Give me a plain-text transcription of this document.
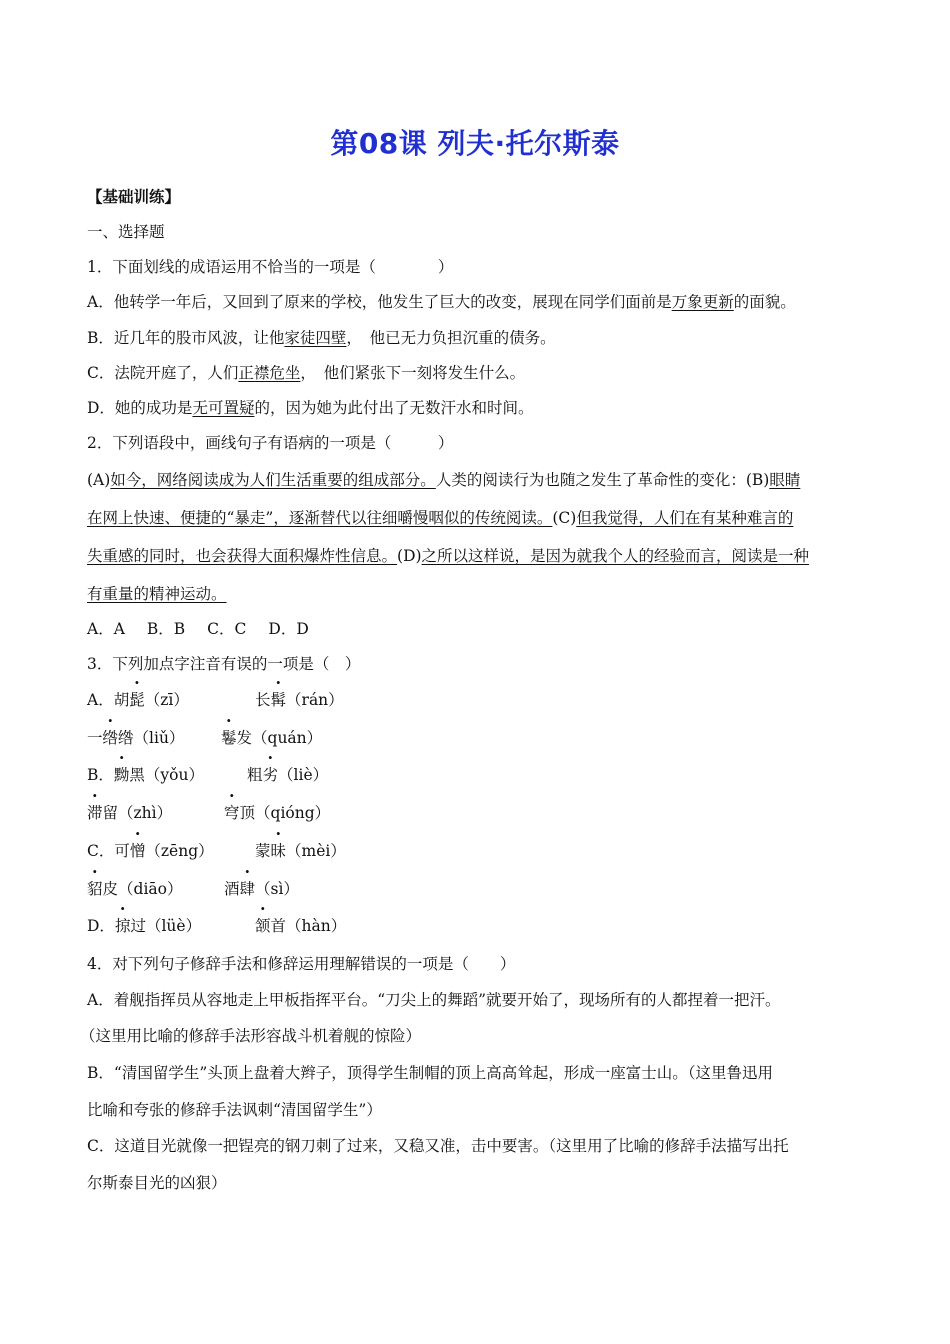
第08课 列夫·托尔斯泰
【基础训练】
一、选择题
1．下面划线的成语运用不恰当的一项是（　　　　）
A．他转学一年后，又回到了原来的学校，他发生了巨大的改变，展现在同学们面前是万象更新的面貌。
B．近几年的股市风波，让他家徒四壁，　他已无力负担沉重的债务。
C．法院开庭了，人们正襟危坐，　他们紧张下一刻将发生什么。
D．她的成功是无可置疑的，因为她为此付出了无数汗水和时间。
2．下列语段中，画线句子有语病的一项是（　　　）
(A)如今，网络阅读成为人们生活重要的组成部分。人类的阅读行为也随之发生了革命性的变化：(B)眼睛
在网上快速、便捷的“暴走”，逐渐替代以往细嚼慢咽似的传统阅读。(C)但我觉得，人们在有某种难言的
失重感的同时，也会获得大面积爆炸性信息。(D)之所以这样说，是因为就我个人的经验而言，阅读是一种
有重量的精神运动。
A．A B．B C．C D．D
3．下列加点字注音有误的一项是（　）
A．胡髭（zī）	长髯（rán）
一绺绺（liǔ） 鬈发（quán）
B．黝黑（yǒu）	粗劣（liè）
滞留（zhì）	穹顶（qióng）
C．可憎（zēng）	蒙昧（mèi）
貂皮（diāo）	酒肆（sì）
D．掠过（lüè）	颔首（hàn）
4．对下列句子修辞手法和修辞运用理解错误的一项是（　　）
A．着舰指挥员从容地走上甲板指挥平台。“刀尖上的舞蹈”就要开始了，现场所有的人都捏着一把汗。
（这里用比喻的修辞手法形容战斗机着舰的惊险）
B．“清国留学生”头顶上盘着大辫子，顶得学生制帽的顶上高高耸起，形成一座富士山。（这里鲁迅用
比喻和夸张的修辞手法讽刺“清国留学生”）
C．这道目光就像一把锃亮的钢刀刺了过来，又稳又准，击中要害。（这里用了比喻的修辞手法描写出托
尔斯泰目光的凶狠）
